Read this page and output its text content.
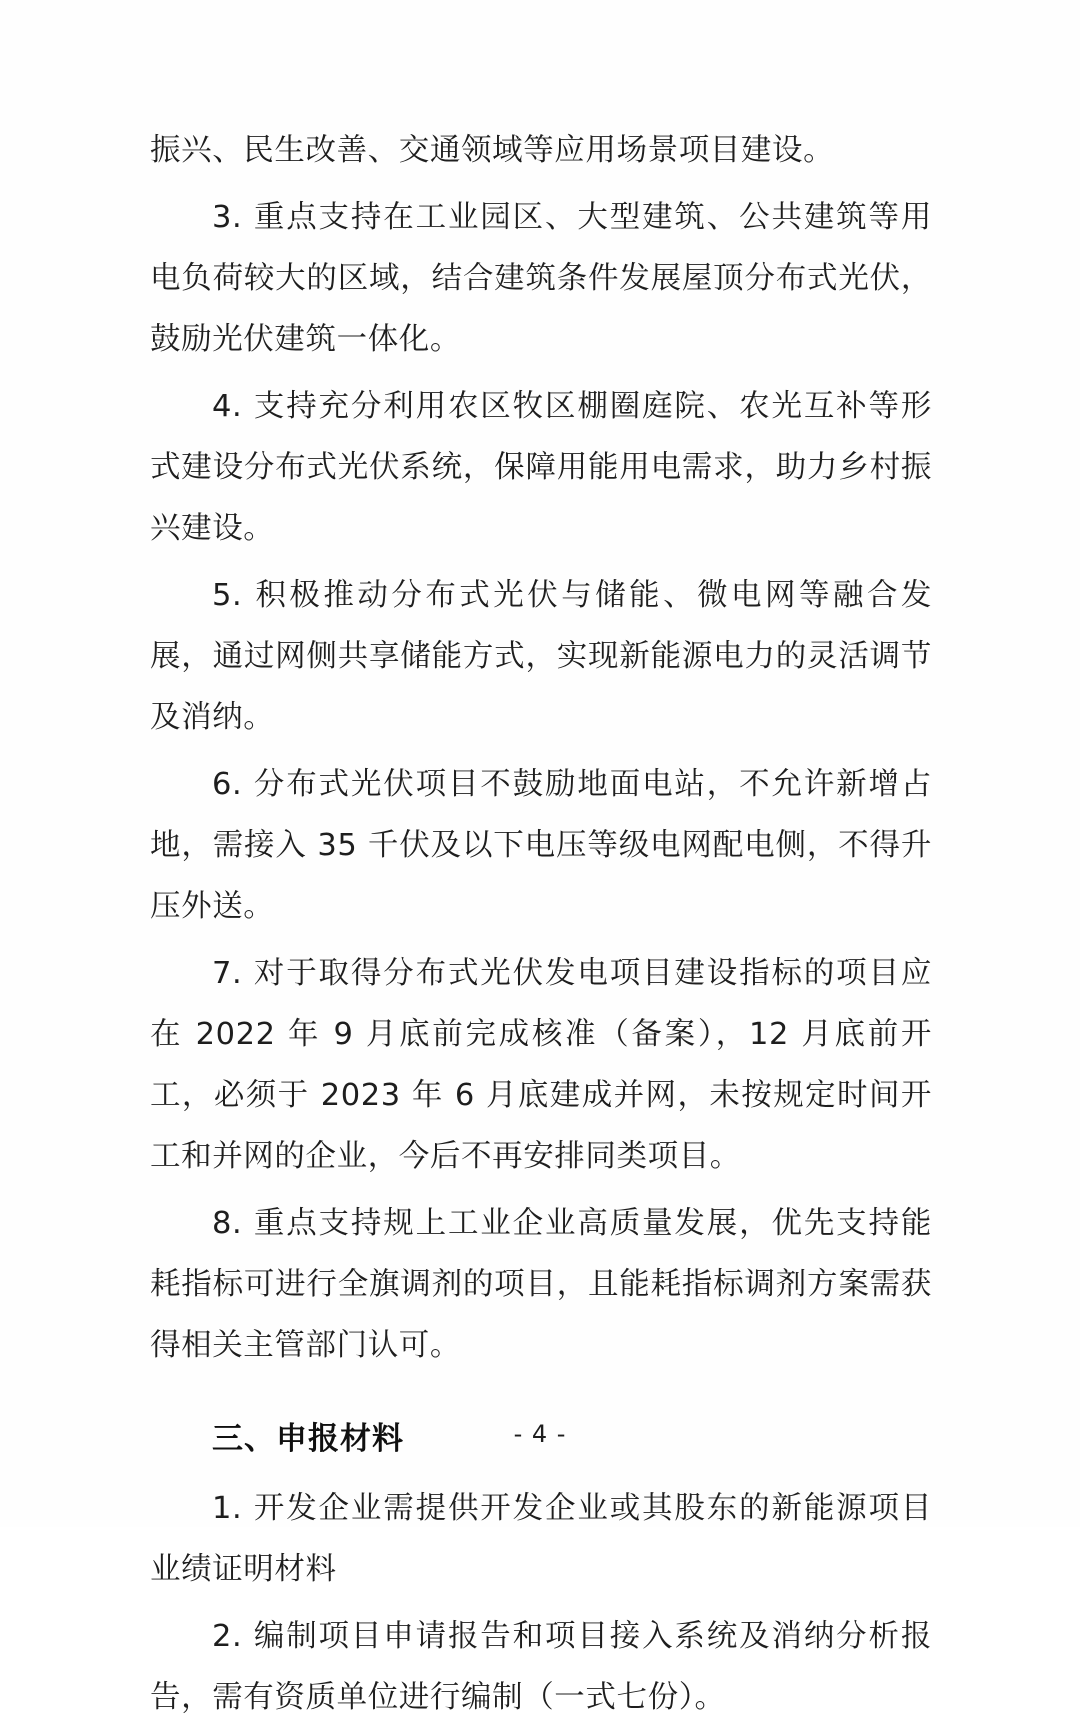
振兴、民生改善、交通领域等应用场景项目建设。

3. 重点支持在工业园区、大型建筑、公共建筑等用电负荷较大的区域，结合建筑条件发展屋顶分布式光伏，鼓励光伏建筑一体化。

4. 支持充分利用农区牧区棚圈庭院、农光互补等形式建设分布式光伏系统，保障用能用电需求，助力乡村振兴建设。

5. 积极推动分布式光伏与储能、微电网等融合发展，通过网侧共享储能方式，实现新能源电力的灵活调节及消纳。

6. 分布式光伏项目不鼓励地面电站，不允许新增占地，需接入 35 千伏及以下电压等级电网配电侧，不得升压外送。

7. 对于取得分布式光伏发电项目建设指标的项目应在 2022 年 9 月底前完成核准（备案），12 月底前开工，必须于 2023 年 6 月底建成并网，未按规定时间开工和并网的企业，今后不再安排同类项目。

8. 重点支持规上工业企业高质量发展，优先支持能耗指标可进行全旗调剂的项目，且能耗指标调剂方案需获得相关主管部门认可。

三、申报材料

1. 开发企业需提供开发企业或其股东的新能源项目业绩证明材料

2. 编制项目申请报告和项目接入系统及消纳分析报告，需有资质单位进行编制（一式七份）。

- 4 -
